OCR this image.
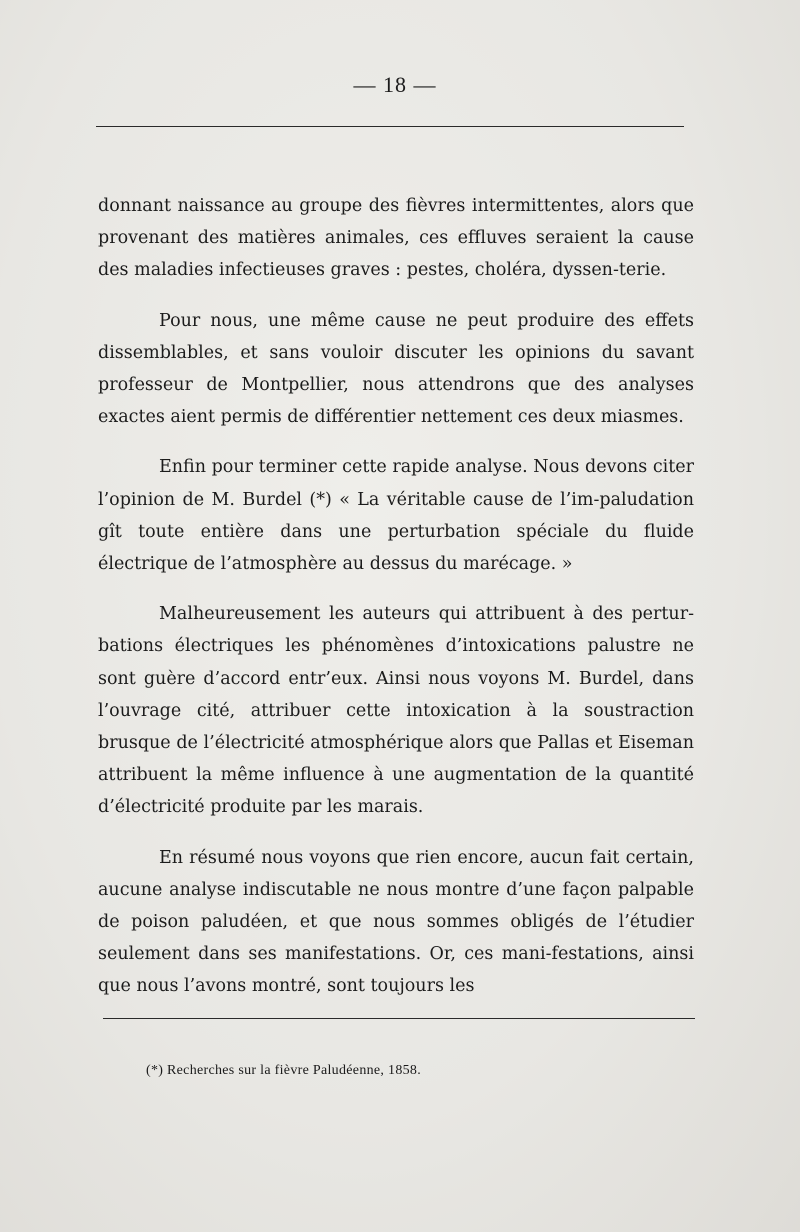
— 18 —

donnant naissance au groupe des fièvres intermittentes, alors que provenant des matières animales, ces effluves seraient la cause des maladies infectieuses graves : pestes, choléra, dyssen-terie.

Pour nous, une même cause ne peut produire des effets dissemblables, et sans vouloir discuter les opinions du savant professeur de Montpellier, nous attendrons que des analyses exactes aient permis de différentier nettement ces deux miasmes.

Enfin pour terminer cette rapide analyse. Nous devons citer l’opinion de M. Burdel (*) « La véritable cause de l’im-paludation gît toute entière dans une perturbation spéciale du fluide électrique de l’atmosphère au dessus du marécage. »

Malheureusement les auteurs qui attribuent à des pertur-bations électriques les phénomènes d’intoxications palustre ne sont guère d’accord entr’eux. Ainsi nous voyons M. Burdel, dans l’ouvrage cité, attribuer cette intoxication à la soustraction brusque de l’électricité atmosphérique alors que Pallas et Eiseman attribuent la même influence à une augmentation de la quantité d’électricité produite par les marais.

En résumé nous voyons que rien encore, aucun fait certain, aucune analyse indiscutable ne nous montre d’une façon palpable de poison paludéen, et que nous sommes obligés de l’étudier seulement dans ses manifestations. Or, ces mani-festations, ainsi que nous l’avons montré, sont toujours les

(*) Recherches sur la fièvre Paludéenne, 1858.
